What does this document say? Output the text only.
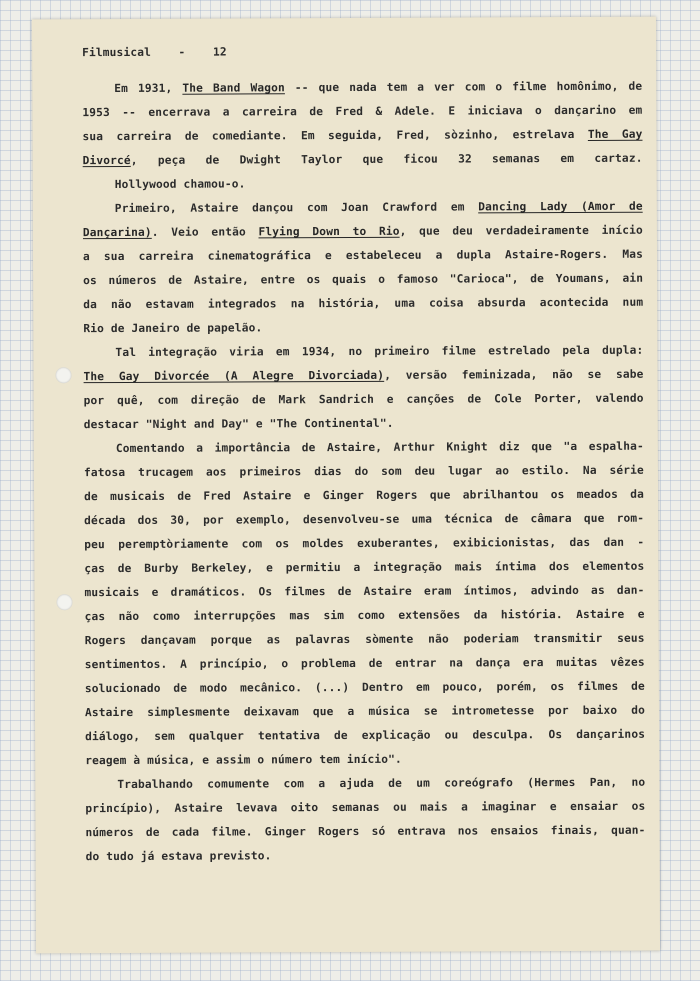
Filmusical - 12
Em 1931, The Band Wagon -- que nada tem a ver com o filme homônimo, de
1953 -- encerrava a carreira de Fred & Adele. E iniciava o dançarino em
sua carreira de comediante. Em seguida, Fred, sòzinho, estrelava The Gay
Divorcé, peça de Dwight Taylor que ficou 32 semanas em cartaz.
Hollywood chamou-o.
Primeiro, Astaire dançou com Joan Crawford em Dancing Lady (Amor de
Dançarina). Veio então Flying Down to Rio, que deu verdadeiramente início
a sua carreira cinematográfica e estabeleceu a dupla Astaire-Rogers. Mas
os números de Astaire, entre os quais o famoso "Carioca", de Youmans, ain
da não estavam integrados na história, uma coisa absurda acontecida num
Rio de Janeiro de papelão.
Tal integração viria em 1934, no primeiro filme estrelado pela dupla:
The Gay Divorcée (A Alegre Divorciada), versão feminizada, não se sabe
por quê, com direção de Mark Sandrich e canções de Cole Porter, valendo
destacar "Night and Day" e "The Continental".
Comentando a importância de Astaire, Arthur Knight diz que "a espalha-
fatosa trucagem aos primeiros dias do som deu lugar ao estilo. Na série
de musicais de Fred Astaire e Ginger Rogers que abrilhantou os meados da
década dos 30, por exemplo, desenvolveu-se uma técnica de câmara que rom-
peu peremptòriamente com os moldes exuberantes, exibicionistas, das dan -
ças de Burby Berkeley, e permitiu a integração mais íntima dos elementos
musicais e dramáticos. Os filmes de Astaire eram íntimos, advindo as dan-
ças não como interrupções mas sim como extensões da história. Astaire e
Rogers dançavam porque as palavras sòmente não poderiam transmitir seus
sentimentos. A princípio, o problema de entrar na dança era muitas vêzes
solucionado de modo mecânico. (...) Dentro em pouco, porém, os filmes de
Astaire simplesmente deixavam que a música se intrometesse por baixo do
diálogo, sem qualquer tentativa de explicação ou desculpa. Os dançarinos
reagem à música, e assim o número tem início".
Trabalhando comumente com a ajuda de um coreógrafo (Hermes Pan, no
princípio), Astaire levava oito semanas ou mais a imaginar e ensaiar os
números de cada filme. Ginger Rogers só entrava nos ensaios finais, quan-
do tudo já estava previsto.
